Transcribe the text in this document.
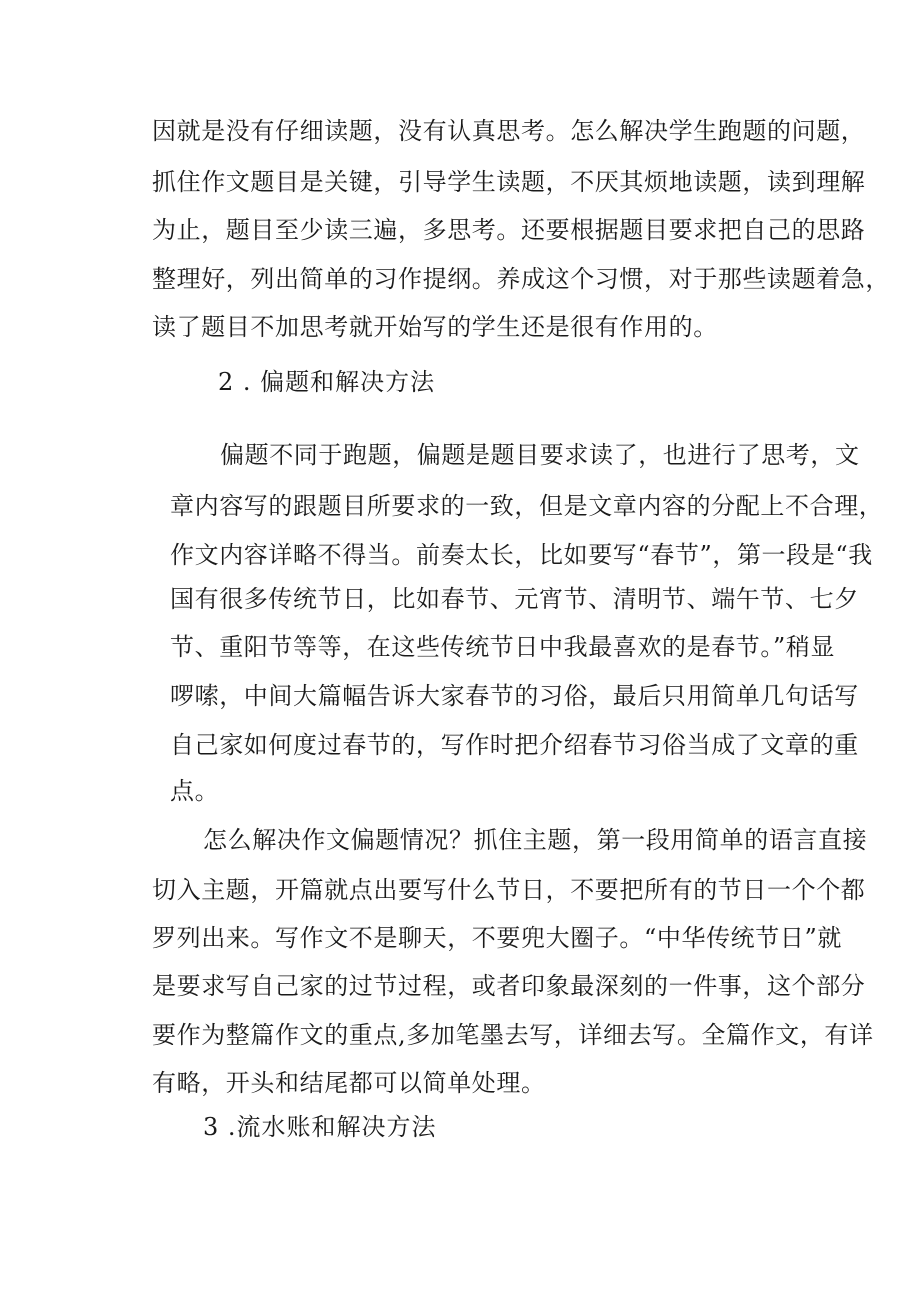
因就是没有仔细读题，没有认真思考。怎么解决学生跑题的问题，
抓住作文题目是关键，引导学生读题，不厌其烦地读题，读到理解
为止，题目至少读三遍，多思考。还要根据题目要求把自己的思路
整理好，列出简单的习作提纲。养成这个习惯，对于那些读题着急，
读了题目不加思考就开始写的学生还是很有作用的。
2 . 偏题和解决方法
偏题不同于跑题，偏题是题目要求读了，也进行了思考，文
章内容写的跟题目所要求的一致，但是文章内容的分配上不合理，
作文内容详略不得当。前奏太长，比如要写“春节”，第一段是“我
国有很多传统节日，比如春节、元宵节、清明节、端午节、七夕
节、重阳节等等，在这些传统节日中我最喜欢的是春节。”稍显
啰嗦，中间大篇幅告诉大家春节的习俗，最后只用简单几句话写
自己家如何度过春节的，写作时把介绍春节习俗当成了文章的重
点。
怎么解决作文偏题情况？抓住主题，第一段用简单的语言直接
切入主题，开篇就点出要写什么节日，不要把所有的节日一个个都
罗列出来。写作文不是聊天，不要兜大圈子。“中华传统节日”就
是要求写自己家的过节过程，或者印象最深刻的一件事，这个部分
要作为整篇作文的重点,多加笔墨去写，详细去写。全篇作文，有详
有略，开头和结尾都可以简单处理。
3 .流水账和解决方法
